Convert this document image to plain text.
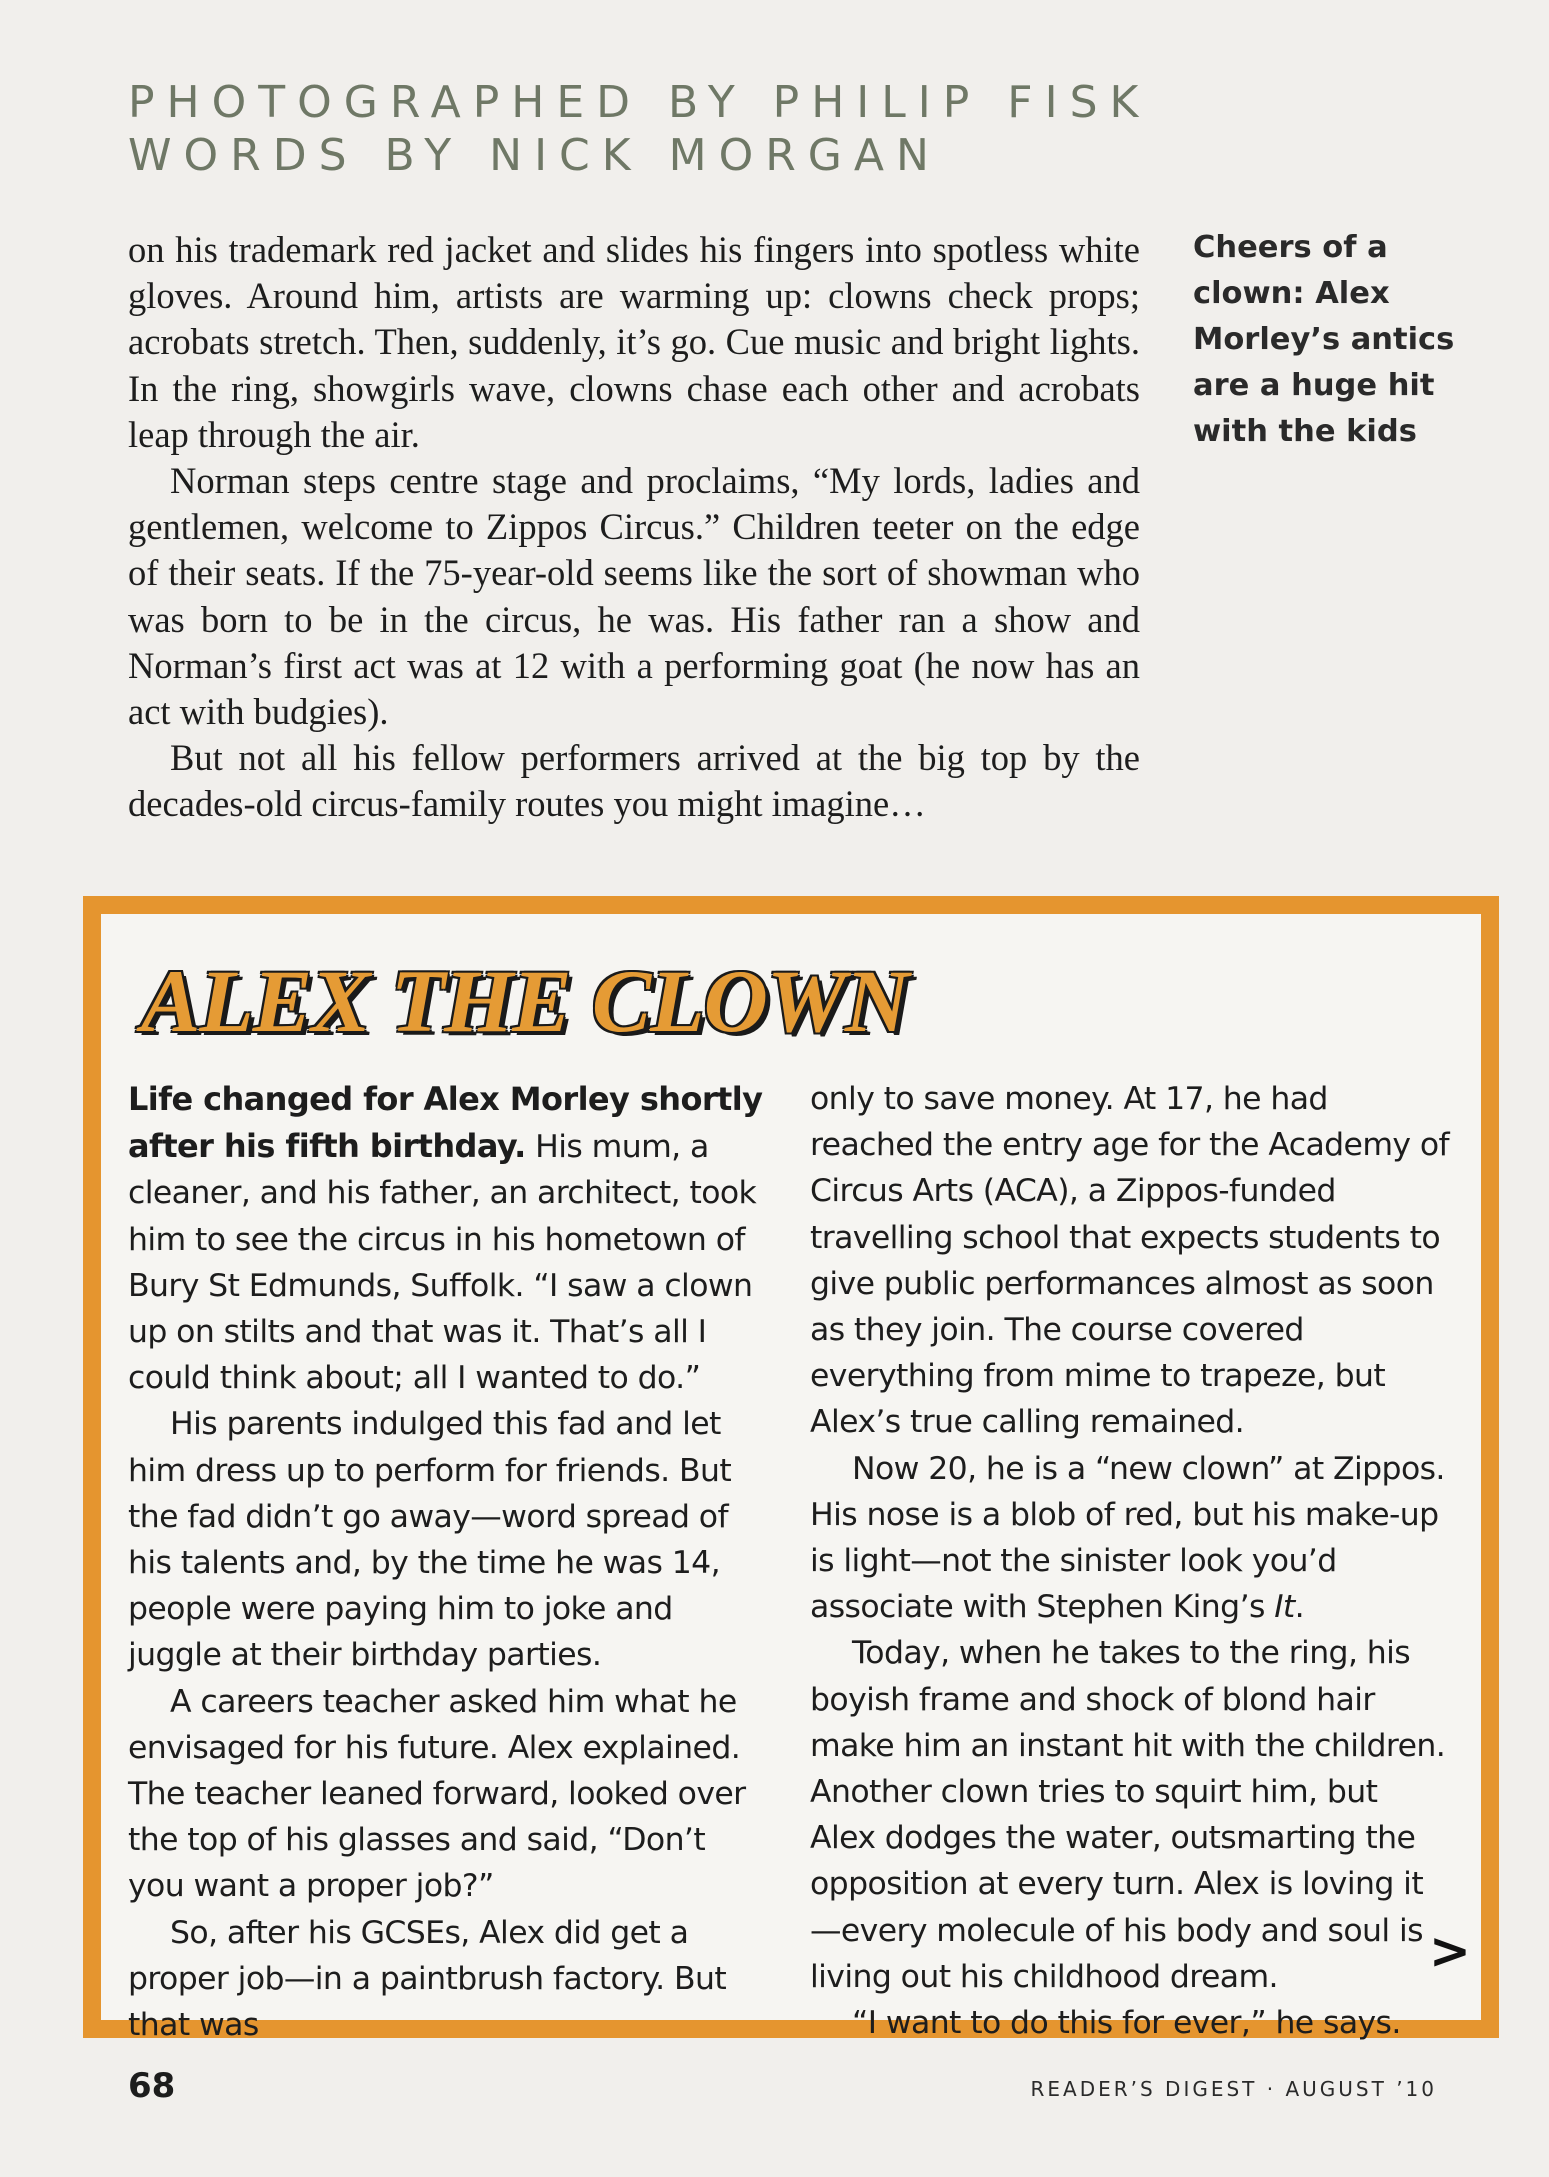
PHOTOGRAPHED BY PHILIP FISK
WORDS BY NICK MORGAN

on his trademark red jacket and slides his fingers into spotless white gloves. Around him, artists are warming up: clowns check props; acrobats stretch. Then, suddenly, it’s go. Cue music and bright lights. In the ring, showgirls wave, clowns chase each other and acrobats leap through the air.

Norman steps centre stage and proclaims, “My lords, ladies and gentlemen, welcome to Zippos Circus.” Children teeter on the edge of their seats. If the 75-year-old seems like the sort of showman who was born to be in the circus, he was. His father ran a show and Norman’s first act was at 12 with a performing goat (he now has an act with budgies).

But not all his fellow performers arrived at the big top by the decades-old circus-family routes you might imagine…

Cheers of a
clown: Alex
Morley’s antics
are a huge hit
with the kids
ALEX THE CLOWN

Life changed for Alex Morley shortly after his fifth birthday. His mum, a cleaner, and his father, an architect, took him to see the circus in his hometown of Bury St Edmunds, Suffolk. “I saw a clown up on stilts and that was it. That’s all I could think about; all I wanted to do.”

His parents indulged this fad and let him dress up to perform for friends. But the fad didn’t go away—word spread of his talents and, by the time he was 14, people were paying him to joke and juggle at their birthday parties.

A careers teacher asked him what he envisaged for his future. Alex explained. The teacher leaned forward, looked over the top of his glasses and said, “Don’t you want a proper job?”

So, after his GCSEs, Alex did get a proper job—in a paintbrush factory. But that was

only to save money. At 17, he had reached the entry age for the Academy of Circus Arts (ACA), a Zippos-funded travelling school that expects students to give public performances almost as soon as they join. The course covered everything from mime to trapeze, but Alex’s true calling remained.

Now 20, he is a “new clown” at Zippos. His nose is a blob of red, but his make-up is light—not the sinister look you’d associate with Stephen King’s It.

Today, when he takes to the ring, his boyish frame and shock of blond hair make him an instant hit with the children. Another clown tries to squirt him, but Alex dodges the water, outsmarting the opposition at every turn. Alex is loving it—every molecule of his body and soul is living out his childhood dream.

“I want to do this for ever,” he says.

>
68	READER’S DIGEST · AUGUST ’10
